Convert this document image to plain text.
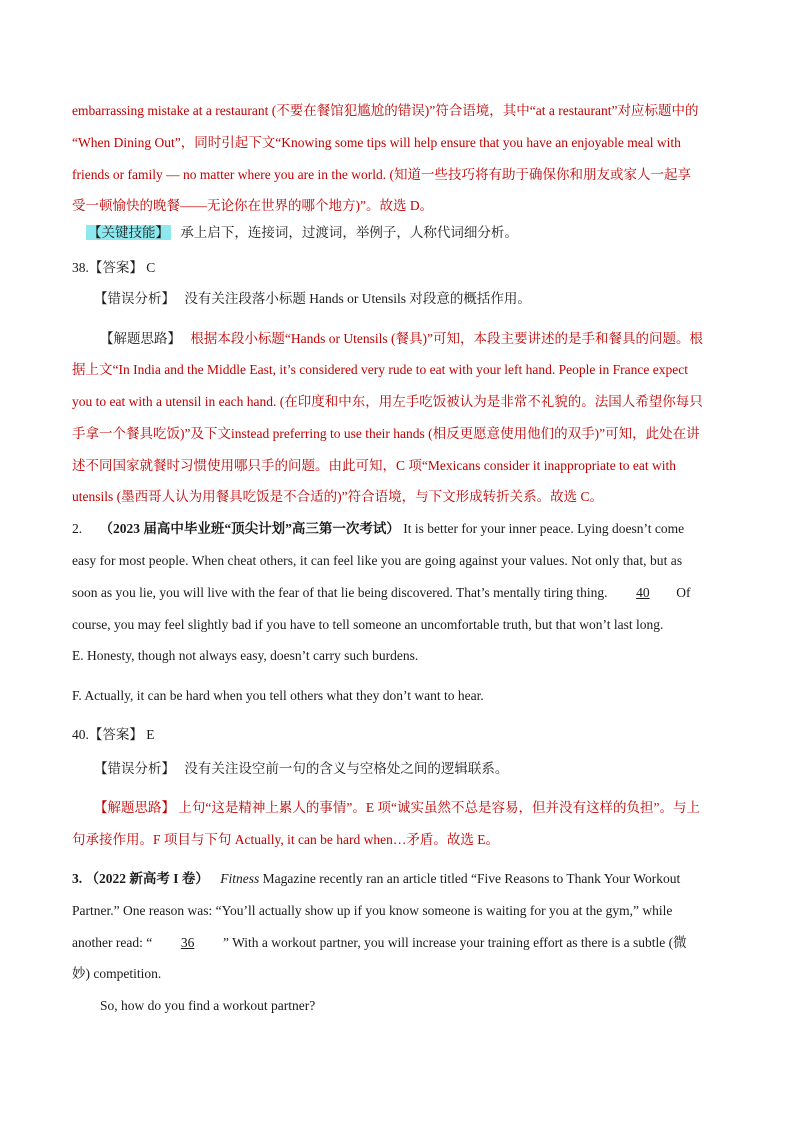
embarrassing mistake at a restaurant (不要在餐馆犯尴尬的错误)”符合语境，其中“at a restaurant”对应标题中的
“When Dining Out”，同时引起下文“Knowing some tips will help ensure that you have an enjoyable meal with
friends or family — no matter where you are in the world. (知道一些技巧将有助于确保你和朋友或家人一起享
受一顿愉快的晚餐——无论你在世界的哪个地方)”。故选 D。
【关键技能】 承上启下，连接词，过渡词，举例子，人称代词细分析。
38.【答案】 C
【错误分析】 没有关注段落小标题 Hands or Utensils 对段意的概括作用。
【解题思路】 根据本段小标题“Hands or Utensils (餐具)”可知，本段主要讲述的是手和餐具的问题。根
据上文“In India and the Middle East, it’s considered very rude to eat with your left hand. People in France expect
you to eat with a utensil in each hand. (在印度和中东，用左手吃饭被认为是非常不礼貌的。法国人希望你每只
手拿一个餐具吃饭)”及下文instead preferring to use their hands (相反更愿意使用他们的双手)”可知，此处在讲
述不同国家就餐时习惯使用哪只手的问题。由此可知，C 项“Mexicans consider it inappropriate to eat with
utensils (墨西哥人认为用餐具吃饭是不合适的)”符合语境，与下文形成转折关系。故选 C。
2. （2023 届高中毕业班“顶尖计划”高三第一次考试） It is better for your inner peace. Lying doesn’t come
easy for most people. When cheat others, it can feel like you are going against your values. Not only that, but as
soon as you lie, you will live with the fear of that lie being discovered. That’s mentally tiring thing. 40 Of
course, you may feel slightly bad if you have to tell someone an uncomfortable truth, but that won’t last long.
E. Honesty, though not always easy, doesn’t carry such burdens.
F. Actually, it can be hard when you tell others what they don’t want to hear.
40.【答案】 E
【错误分析】 没有关注设空前一句的含义与空格处之间的逻辑联系。
【解题思路】 上句“这是精神上累人的事情”。E 项“诚实虽然不总是容易，但并没有这样的负担”。与上
句承接作用。F 项目与下句 Actually, it can be hard when…矛盾。故选 E。
3. （2022 新高考 I 卷） Fitness Magazine recently ran an article titled “Five Reasons to Thank Your Workout
Partner.” One reason was: “You’ll actually show up if you know someone is waiting for you at the gym,” while
another read: “ 36 ” With a workout partner, you will increase your training effort as there is a subtle (微
妙) competition.
So, how do you find a workout partner?
